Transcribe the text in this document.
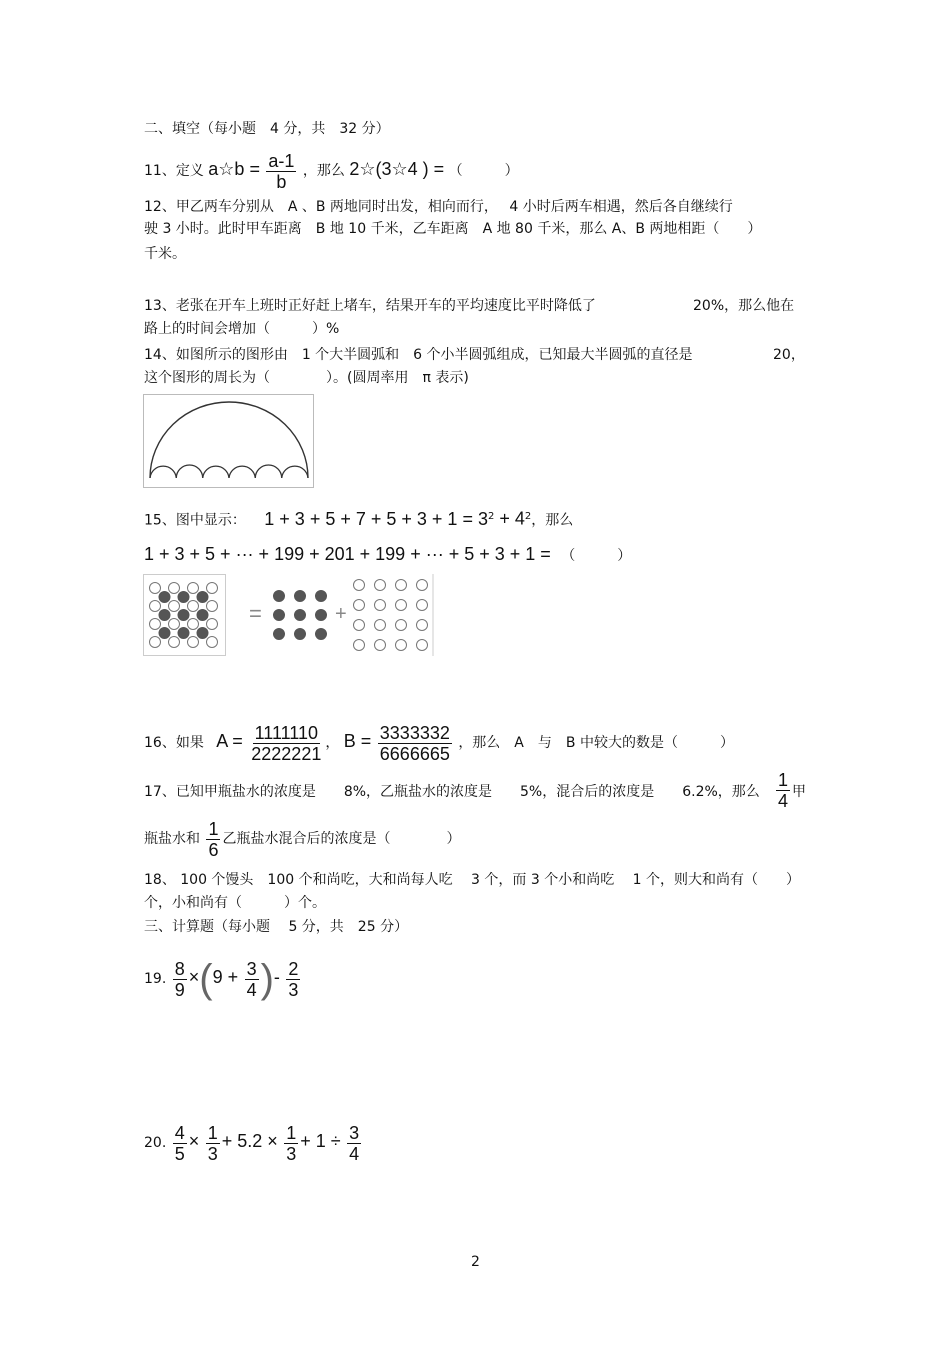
二、填空（每小题　4 分，共　32 分）
11、定义 a☆b = $\frac{a-1}{b}$ ，那么 2☆(3☆4 ) = （　　　）
12、甲乙两车分别从　A 、B 两地同时出发，相向而行，　 4 小时后两车相遇，然后各自继续行
驶 3 小时。此时甲车距离　B 地 10 千米，乙车距离　A 地 80 千米，那么 A、B 两地相距（　　）
千米。
13、老张在开车上班时正好赶上堵车，结果开车的平均速度比平时降低了	20%，那么他在
路上的时间会增加（　　　）%
14、如图所示的图形由　1 个大半圆弧和　6 个小半圆弧组成，已知最大半圆弧的直径是	20，
这个图形的周长为（　　　　）。(圆周率用　π 表示)
15、图中显示： $1 + 3 + 5 + 7 + 5 + 3 + 1 = 3^2 + 4^2$，那么
1 + 3 + 5 + ··· + 199 + 201 + 199 + ··· + 5 + 3 + 1 = （　　　）
=	+
16、如果 $A = \frac{1111110}{2222221}$ ， $B = \frac{3333332}{6666665}$ ，那么　A　与　B 中较大的数是（　　　）
17、已知甲瓶盐水的浓度是　　8%，乙瓶盐水的浓度是　　5%，混合后的浓度是　　6.2%，那么 $\frac{1}{4}$ 甲
瓶盐水和 $\frac{1}{6}$ 乙瓶盐水混合后的浓度是（　　　　）
18、 100 个馒头　100 个和尚吃，大和尚每人吃　 3 个，而 3 个小和尚吃　 1 个，则大和尚有（　　）
个，小和尚有（　　　）个。
三、计算题（每小题　 5 分，共　25 分）
19. $\frac{8}{9} \times(9 + \frac{3}{4}$ )- $\frac{2}{3}$
20. $\frac{4}{5} \times \frac{1}{3} + 5.2 \times \frac{1}{3} + 1 \div \frac{3}{4}$
2
